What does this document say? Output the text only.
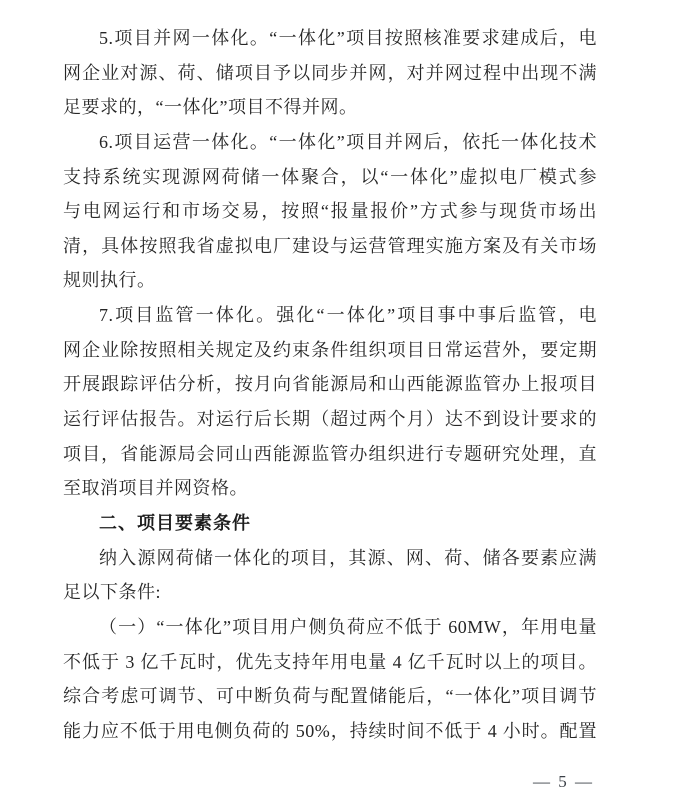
5.项目并网一体化。“一体化”项目按照核准要求建成后，电
网企业对源、荷、储项目予以同步并网，对并网过程中出现不满
足要求的，“一体化”项目不得并网。
6.项目运营一体化。“一体化”项目并网后，依托一体化技术
支持系统实现源网荷储一体聚合，以“一体化”虚拟电厂模式参
与电网运行和市场交易，按照“报量报价”方式参与现货市场出
清，具体按照我省虚拟电厂建设与运营管理实施方案及有关市场
规则执行。
7.项目监管一体化。强化“一体化”项目事中事后监管，电
网企业除按照相关规定及约束条件组织项目日常运营外，要定期
开展跟踪评估分析，按月向省能源局和山西能源监管办上报项目
运行评估报告。对运行后长期（超过两个月）达不到设计要求的
项目，省能源局会同山西能源监管办组织进行专题研究处理，直
至取消项目并网资格。
二、项目要素条件
纳入源网荷储一体化的项目，其源、网、荷、储各要素应满
足以下条件:
（一）“一体化”项目用户侧负荷应不低于 60MW，年用电量
不低于 3 亿千瓦时，优先支持年用电量 4 亿千瓦时以上的项目。
综合考虑可调节、可中断负荷与配置储能后，“一体化”项目调节
能力应不低于用电侧负荷的 50%，持续时间不低于 4 小时。配置
— 5 —
